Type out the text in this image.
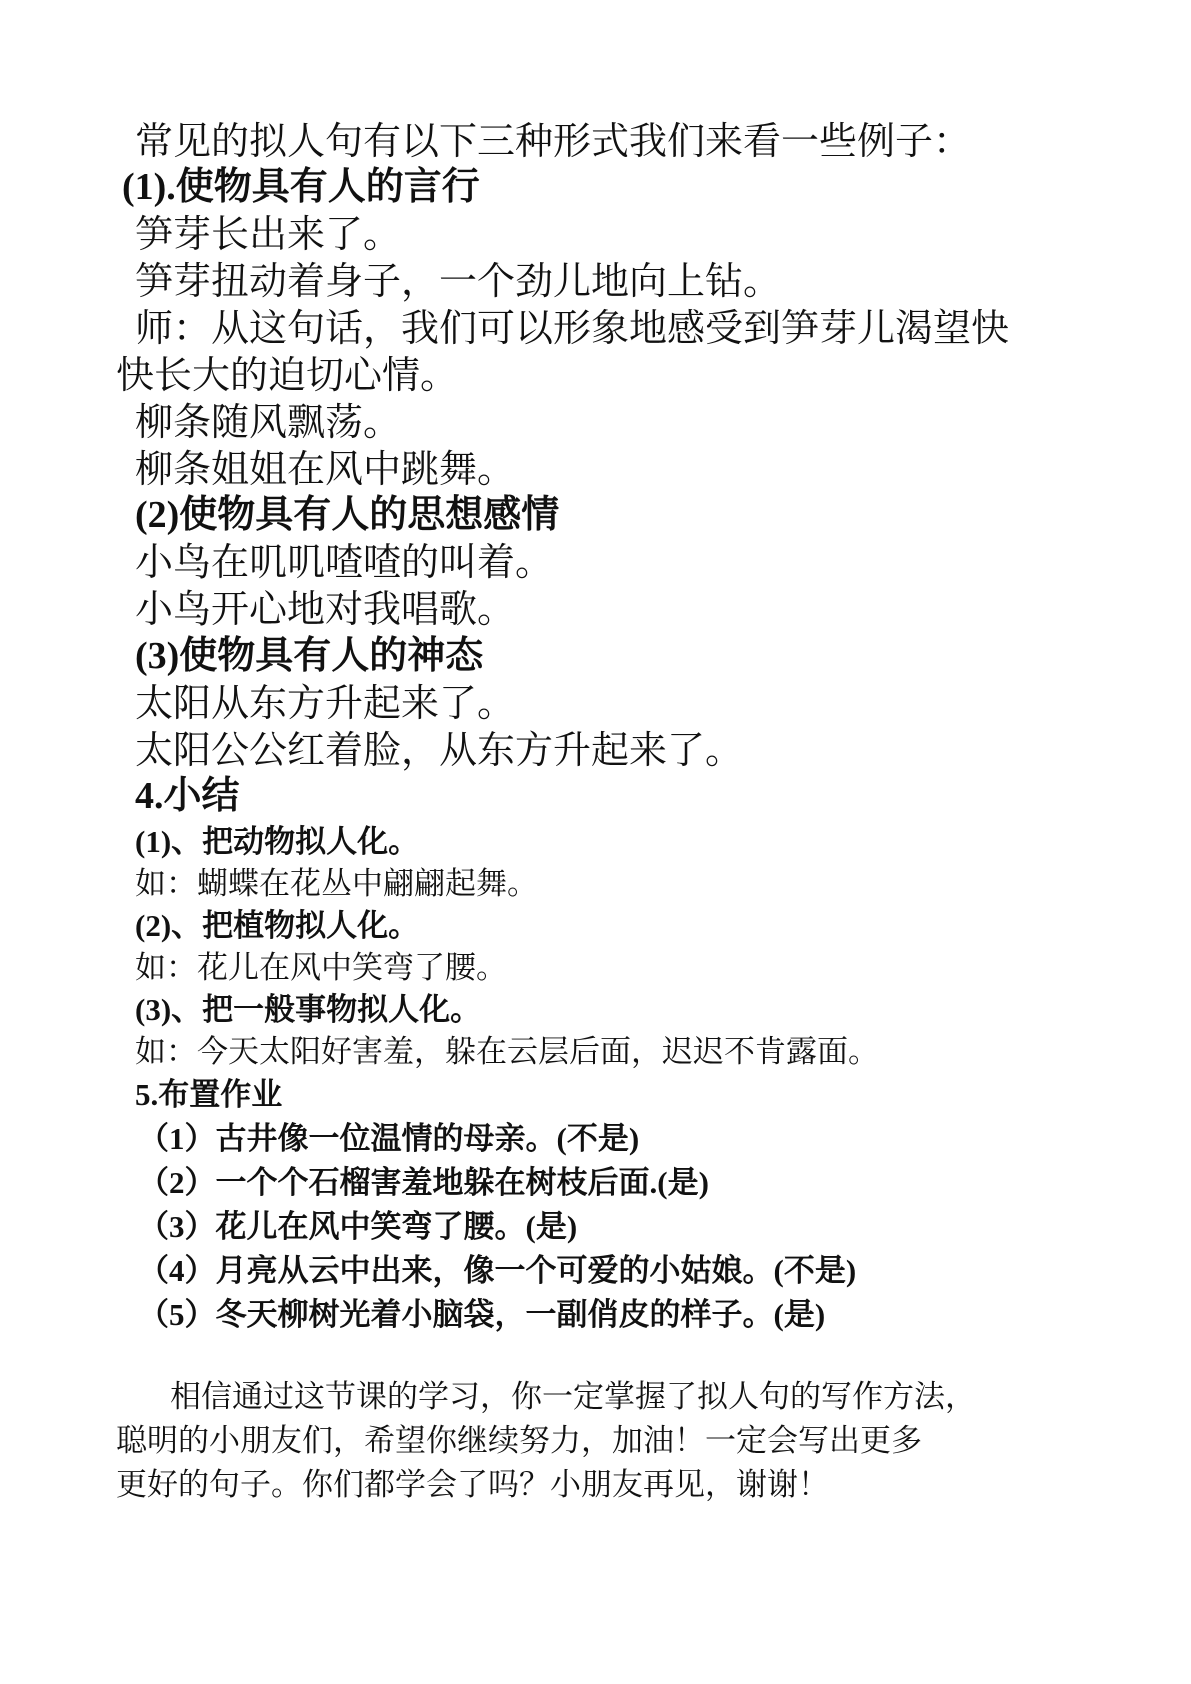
常见的拟人句有以下三种形式我们来看一些例子：
(1).使物具有人的言行
笋芽长出来了。
笋芽扭动着身子，一个劲儿地向上钻。
师：从这句话，我们可以形象地感受到笋芽儿渴望快
快长大的迫切心情。
柳条随风飘荡。
柳条姐姐在风中跳舞。
(2)使物具有人的思想感情
小鸟在叽叽喳喳的叫着。
小鸟开心地对我唱歌。
(3)使物具有人的神态
太阳从东方升起来了。
太阳公公红着脸，从东方升起来了。
4.小结
(1)、把动物拟人化。
如：蝴蝶在花丛中翩翩起舞。
(2)、把植物拟人化。
如：花儿在风中笑弯了腰。
(3)、把一般事物拟人化。
如：今天太阳好害羞，躲在云层后面，迟迟不肯露面。
5.布置作业
（1）古井像一位温情的母亲。(不是)
（2）一个个石榴害羞地躲在树枝后面.(是)
（3）花儿在风中笑弯了腰。(是)
（4）月亮从云中出来，像一个可爱的小姑娘。(不是)
（5）冬天柳树光着小脑袋，一副俏皮的样子。(是)
相信通过这节课的学习，你一定掌握了拟人句的写作方法，
聪明的小朋友们，希望你继续努力，加油！一定会写出更多
更好的句子。你们都学会了吗？小朋友再见，谢谢！
